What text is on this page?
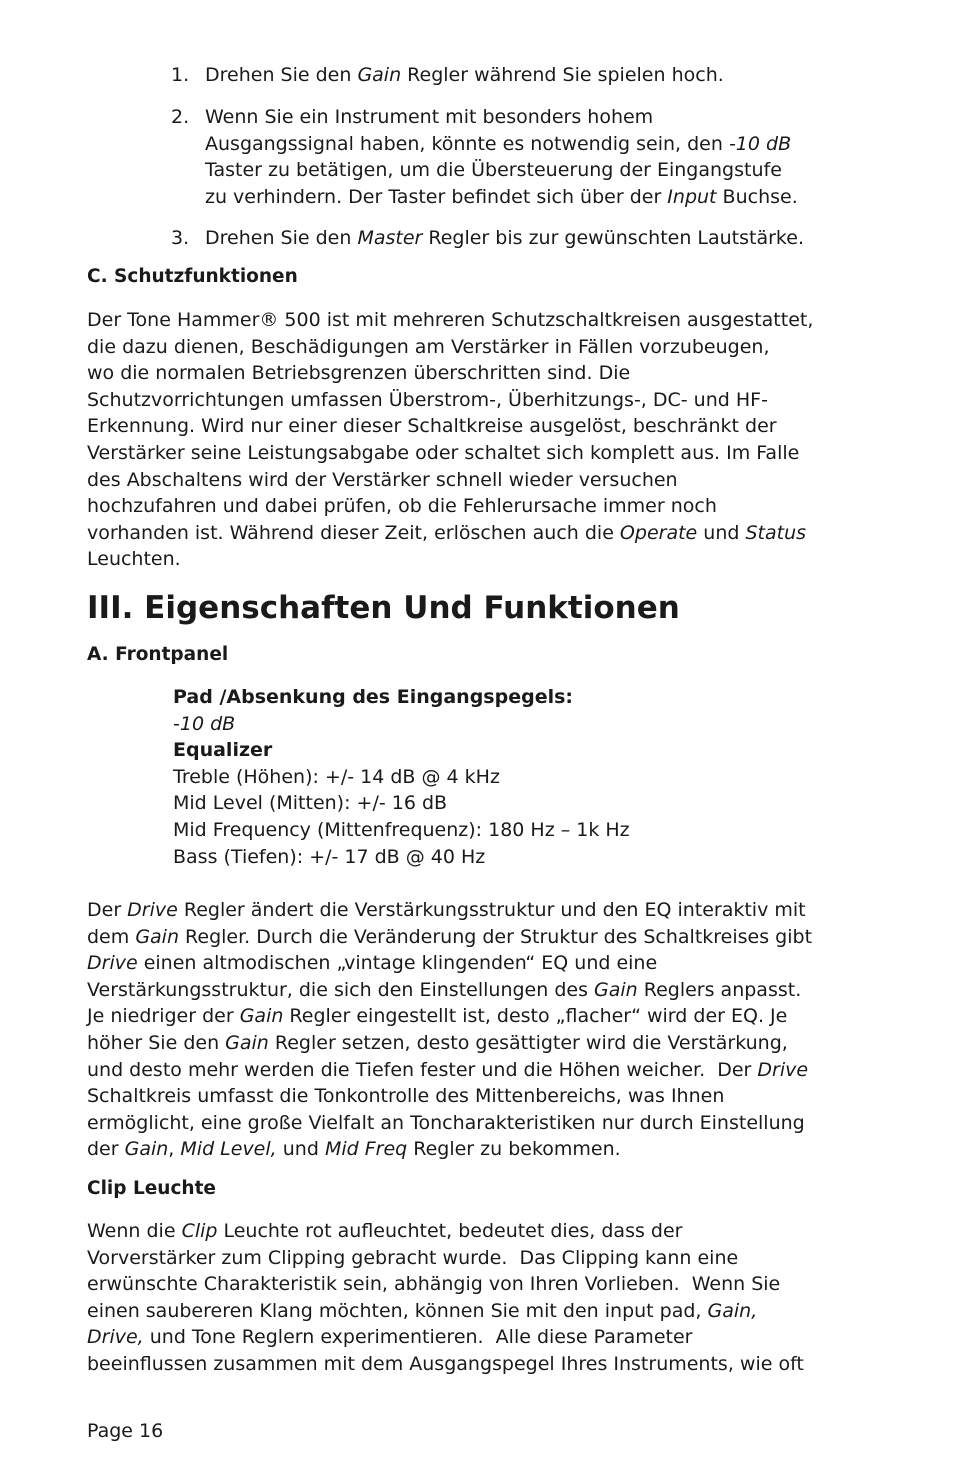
1. Drehen Sie den Gain Regler während Sie spielen hoch.
2. Wenn Sie ein Instrument mit besonders hohem
Ausgangssignal haben, könnte es notwendig sein, den -10 dB
Taster zu betätigen, um die Übersteuerung der Eingangstufe
zu verhindern. Der Taster befindet sich über der Input Buchse.
3. Drehen Sie den Master Regler bis zur gewünschten Lautstärke.
C. Schutzfunktionen

Der Tone Hammer® 500 ist mit mehreren Schutzschaltkreisen ausgestattet,
die dazu dienen, Beschädigungen am Verstärker in Fällen vorzubeugen,
wo die normalen Betriebsgrenzen überschritten sind. Die
Schutzvorrichtungen umfassen Überstrom-, Überhitzungs-, DC- und HF-
Erkennung. Wird nur einer dieser Schaltkreise ausgelöst, beschränkt der
Verstärker seine Leistungsabgabe oder schaltet sich komplett aus. Im Falle
des Abschaltens wird der Verstärker schnell wieder versuchen
hochzufahren und dabei prüfen, ob die Fehlerursache immer noch
vorhanden ist. Während dieser Zeit, erlöschen auch die Operate und Status
Leuchten.

III. Eigenschaften Und Funktionen
A. Frontpanel
Pad /Absenkung des Eingangspegels:
-10 dB
Equalizer
Treble (Höhen): +/- 14 dB @ 4 kHz
Mid Level (Mitten): +/- 16 dB
Mid Frequency (Mittenfrequenz): 180 Hz – 1k Hz
Bass (Tiefen): +/- 17 dB @ 40 Hz

Der Drive Regler ändert die Verstärkungsstruktur und den EQ interaktiv mit
dem Gain Regler. Durch die Veränderung der Struktur des Schaltkreises gibt
Drive einen altmodischen „vintage klingenden“ EQ und eine
Verstärkungsstruktur, die sich den Einstellungen des Gain Reglers anpasst.
Je niedriger der Gain Regler eingestellt ist, desto „flacher“ wird der EQ. Je
höher Sie den Gain Regler setzen, desto gesättigter wird die Verstärkung,
und desto mehr werden die Tiefen fester und die Höhen weicher.  Der Drive
Schaltkreis umfasst die Tonkontrolle des Mittenbereichs, was Ihnen
ermöglicht, eine große Vielfalt an Toncharakteristiken nur durch Einstellung
der Gain, Mid Level, und Mid Freq Regler zu bekommen.

Clip Leuchte

Wenn die Clip Leuchte rot aufleuchtet, bedeutet dies, dass der
Vorverstärker zum Clipping gebracht wurde.  Das Clipping kann eine
erwünschte Charakteristik sein, abhängig von Ihren Vorlieben.  Wenn Sie
einen saubereren Klang möchten, können Sie mit den input pad, Gain,
Drive, und Tone Reglern experimentieren.  Alle diese Parameter
beeinflussen zusammen mit dem Ausgangspegel Ihres Instruments, wie oft

Page 16
